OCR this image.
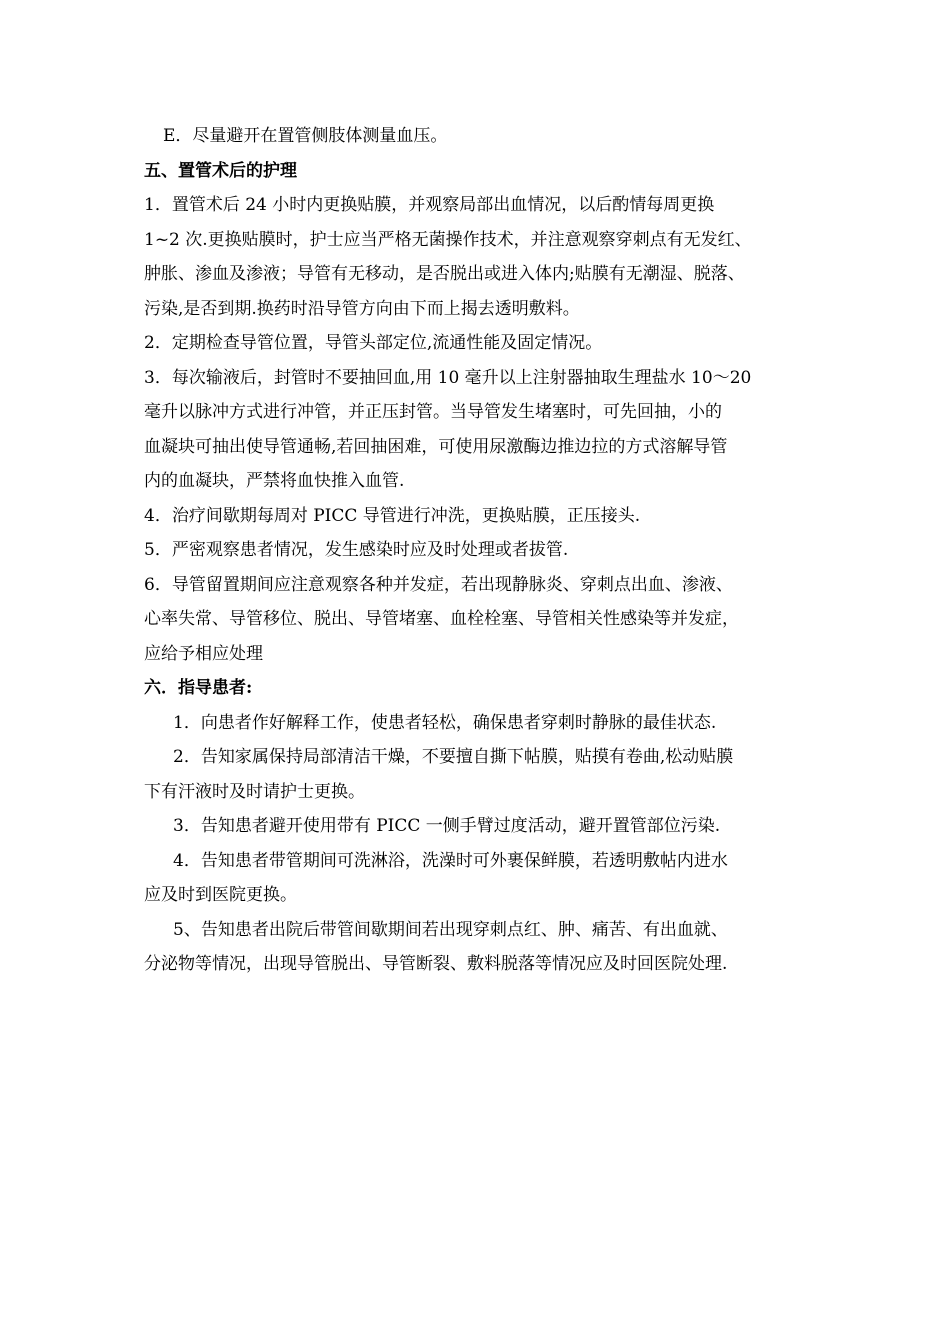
E．尽量避开在置管侧肢体测量血压。
五、置管术后的护理
1．置管术后 24 小时内更换贴膜，并观察局部出血情况，以后酌情每周更换
1~2 次.更换贴膜时，护士应当严格无菌操作技术，并注意观察穿刺点有无发红、
肿胀、渗血及渗液；导管有无移动，是否脱出或进入体内;贴膜有无潮湿、脱落、
污染,是否到期.换药时沿导管方向由下而上揭去透明敷料。
2．定期检查导管位置，导管头部定位,流通性能及固定情况。
3．每次输液后，封管时不要抽回血,用 10 毫升以上注射器抽取生理盐水 10～20
毫升以脉冲方式进行冲管，并正压封管。当导管发生堵塞时，可先回抽，小的
血凝块可抽出使导管通畅,若回抽困难，可使用尿激酶边推边拉的方式溶解导管
内的血凝块，严禁将血快推入血管.
4．治疗间歇期每周对 PICC 导管进行冲洗，更换贴膜，正压接头.
5．严密观察患者情况，发生感染时应及时处理或者拔管.
6．导管留置期间应注意观察各种并发症，若出现静脉炎、穿刺点出血、渗液、
心率失常、导管移位、脱出、导管堵塞、血栓栓塞、导管相关性感染等并发症，
应给予相应处理
六．指导患者:
1．向患者作好解释工作，使患者轻松，确保患者穿刺时静脉的最佳状态.
2．告知家属保持局部清洁干燥，不要擅自撕下帖膜，贴摸有卷曲,松动贴膜
下有汗液时及时请护士更换。
3．告知患者避开使用带有 PICC 一侧手臂过度活动，避开置管部位污染.
4．告知患者带管期间可洗淋浴，洗澡时可外裹保鲜膜，若透明敷帖内进水
应及时到医院更换。
5、告知患者出院后带管间歇期间若出现穿刺点红、肿、痛苦、有出血就、
分泌物等情况，出现导管脱出、导管断裂、敷料脱落等情况应及时回医院处理.
